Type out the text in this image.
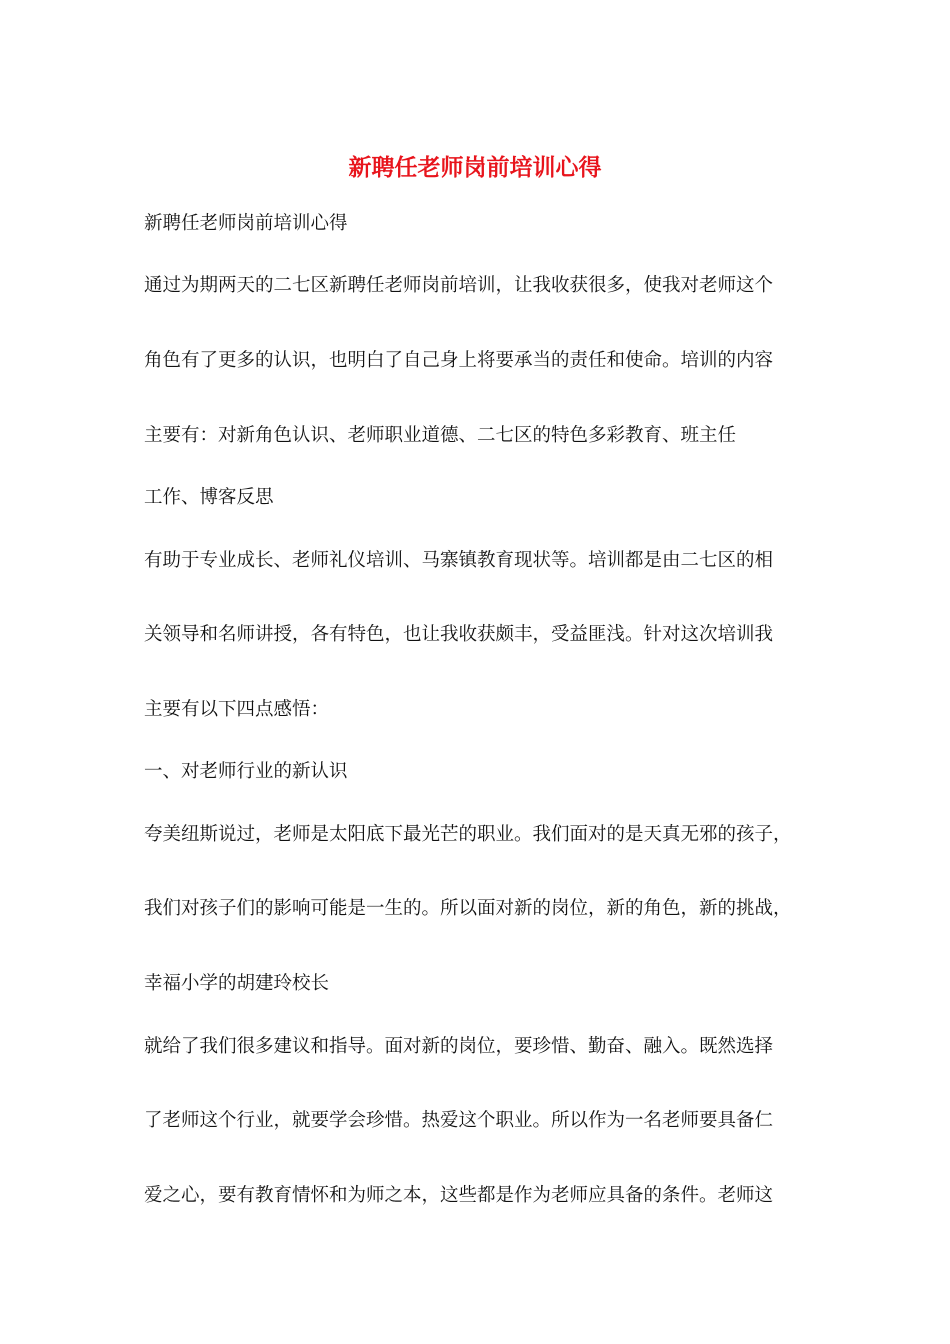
新聘任老师岗前培训心得
新聘任老师岗前培训心得
通过为期两天的二七区新聘任老师岗前培训，让我收获很多，使我对老师这个
角色有了更多的认识，也明白了自己身上将要承当的责任和使命。培训的内容
主要有：对新角色认识、老师职业道德、二七区的特色多彩教育、班主任
工作、博客反思
有助于专业成长、老师礼仪培训、马寨镇教育现状等。培训都是由二七区的相
关领导和名师讲授，各有特色，也让我收获颇丰，受益匪浅。针对这次培训我
主要有以下四点感悟：
一、对老师行业的新认识
夸美纽斯说过，老师是太阳底下最光芒的职业。我们面对的是天真无邪的孩子，
我们对孩子们的影响可能是一生的。所以面对新的岗位，新的角色，新的挑战，
幸福小学的胡建玲校长
就给了我们很多建议和指导。面对新的岗位，要珍惜、勤奋、融入。既然选择
了老师这个行业，就要学会珍惜。热爱这个职业。所以作为一名老师要具备仁
爱之心，要有教育情怀和为师之本，这些都是作为老师应具备的条件。老师这
